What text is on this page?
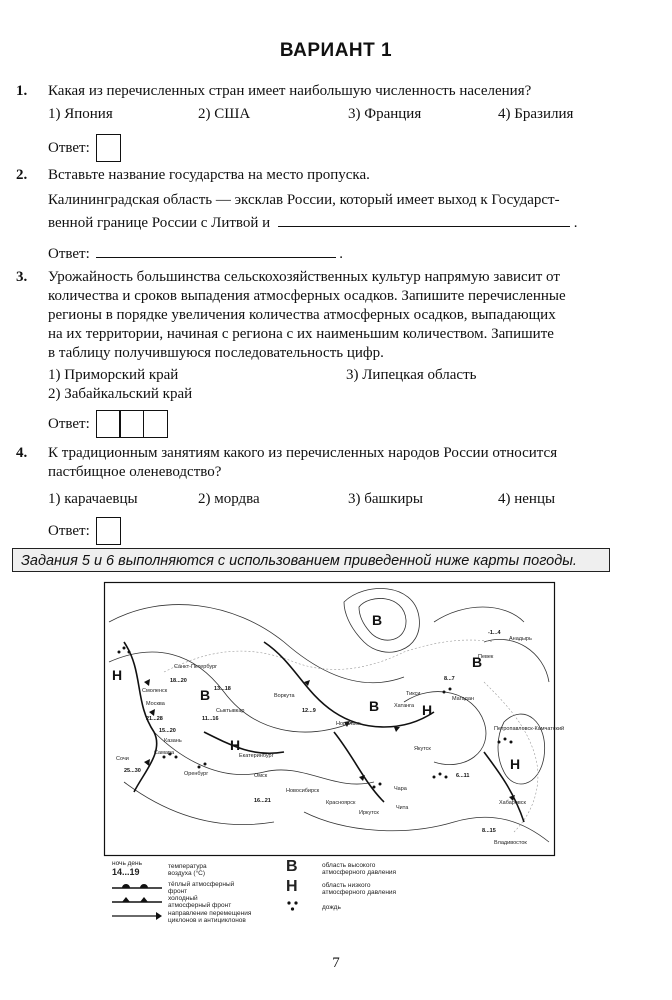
ВАРИАНТ 1
1. Какая из перечисленных стран имеет наибольшую численность населения?
1) Япония	2) США	3) Франция	4) Бразилия
Ответ:
2. Вставьте название государства на место пропуска.
Калининградская область — эксклав России, который имеет выход к Государст-
венной границе России с Литвой и	.
Ответ:	.
3. Урожайность большинства сельскохозяйственных культур напрямую зависит от
количества и сроков выпадения атмосферных осадков. Запишите перечисленные
регионы в порядке увеличения количества атмосферных осадков, выпадающих
на их территории, начиная с региона с их наименьшим количеством. Запишите
в таблицу получившуюся последовательность цифр.
1) Приморский край	3) Липецкая область
2) Забайкальский край
Ответ:
4. К традиционным занятиям какого из перечисленных народов России относится
пастбищное оленеводство?
1) карачаевцы	2) мордва	3) башкиры	4) ненцы
Ответ:
Задания 5 и 6 выполняются с использованием приведенной ниже карты погоды.
В
В
В
В
Н
Н
Н
Н
Санкт-Петербург
Смоленск
Москва
Сыктывкар
Воркута
Казань
Самара	Екатеринбург
Сочи
Оренбург	Омск
Новосибирск
Красноярск
Иркутск
Норильск
Хатанга
Тикси
Якутск
Чара
Чита
Магадан
Певек
Анадырь
Петропавловск-Камчатский
Хабаровск
Владивосток
18...20
13...18
21...28	11...16
15...20
25...30
16...21
12...9
8...7
6...11
8...15
-1...4
ночь день
14...19
температура воздуха (°C)
тёплый атмосферный фронт
холодный атмосферный фронт
направление перемещения циклонов и антициклонов
В	область высокого атмосферного давления
Н	область низкого атмосферного давления
дождь
7
